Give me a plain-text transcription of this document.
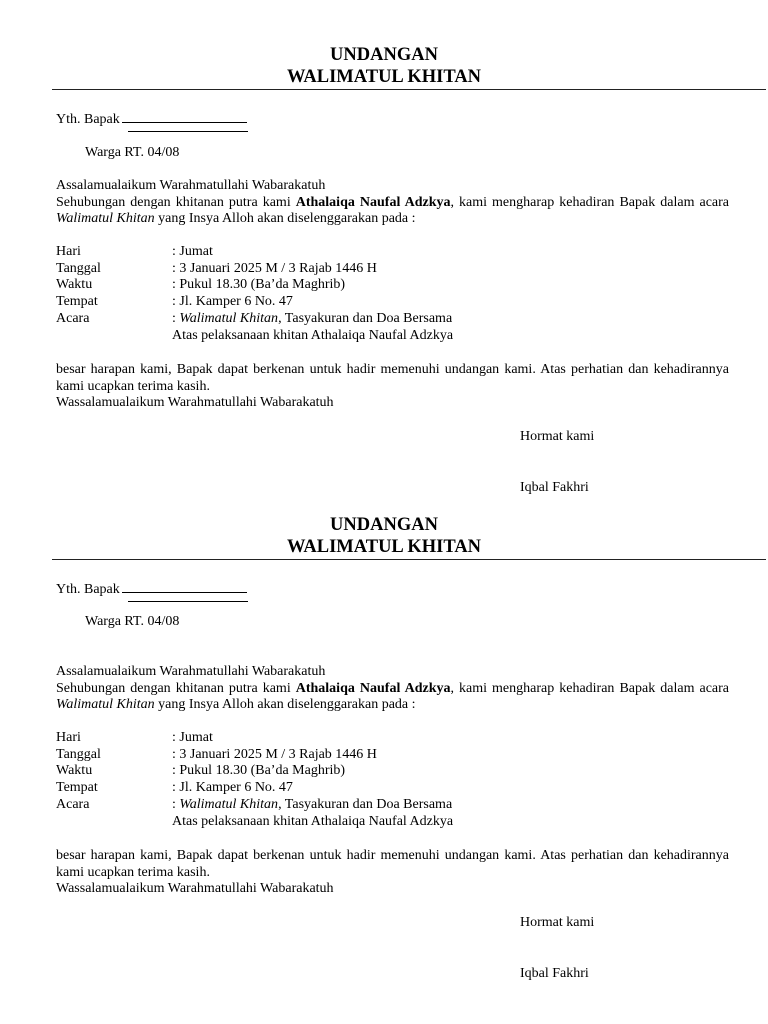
UNDANGAN
WALIMATUL KHITAN
Yth. Bapak
Warga RT. 04/08

Assalamualaikum Warahmatullahi Wabarakatuh

Sehubungan dengan khitanan putra kami Athalaiqa Naufal Adzkya, kami mengharap kehadiran Bapak dalam acara Walimatul Khitan yang Insya Alloh akan diselenggarakan pada :

Hari	: Jumat
Tanggal	: 3 Januari 2025 M / 3 Rajab 1446 H
Waktu	: Pukul 18.30 (Ba’da Maghrib)
Tempat	: Jl. Kamper 6 No. 47
Acara	: Walimatul Khitan, Tasyakuran dan Doa Bersama
	Atas pelaksanaan khitan Athalaiqa Naufal Adzkya

besar harapan kami, Bapak dapat berkenan untuk hadir memenuhi undangan kami. Atas perhatian dan kehadirannya kami ucapkan terima kasih.

Wassalamualaikum Warahmatullahi Wabarakatuh

Hormat kami
Iqbal Fakhri
UNDANGAN
WALIMATUL KHITAN
Yth. Bapak
Warga RT. 04/08

Assalamualaikum Warahmatullahi Wabarakatuh

Sehubungan dengan khitanan putra kami Athalaiqa Naufal Adzkya, kami mengharap kehadiran Bapak dalam acara Walimatul Khitan yang Insya Alloh akan diselenggarakan pada :

Hari	: Jumat
Tanggal	: 3 Januari 2025 M / 3 Rajab 1446 H
Waktu	: Pukul 18.30 (Ba’da Maghrib)
Tempat	: Jl. Kamper 6 No. 47
Acara	: Walimatul Khitan, Tasyakuran dan Doa Bersama
	Atas pelaksanaan khitan Athalaiqa Naufal Adzkya

besar harapan kami, Bapak dapat berkenan untuk hadir memenuhi undangan kami. Atas perhatian dan kehadirannya kami ucapkan terima kasih.

Wassalamualaikum Warahmatullahi Wabarakatuh

Hormat kami
Iqbal Fakhri
